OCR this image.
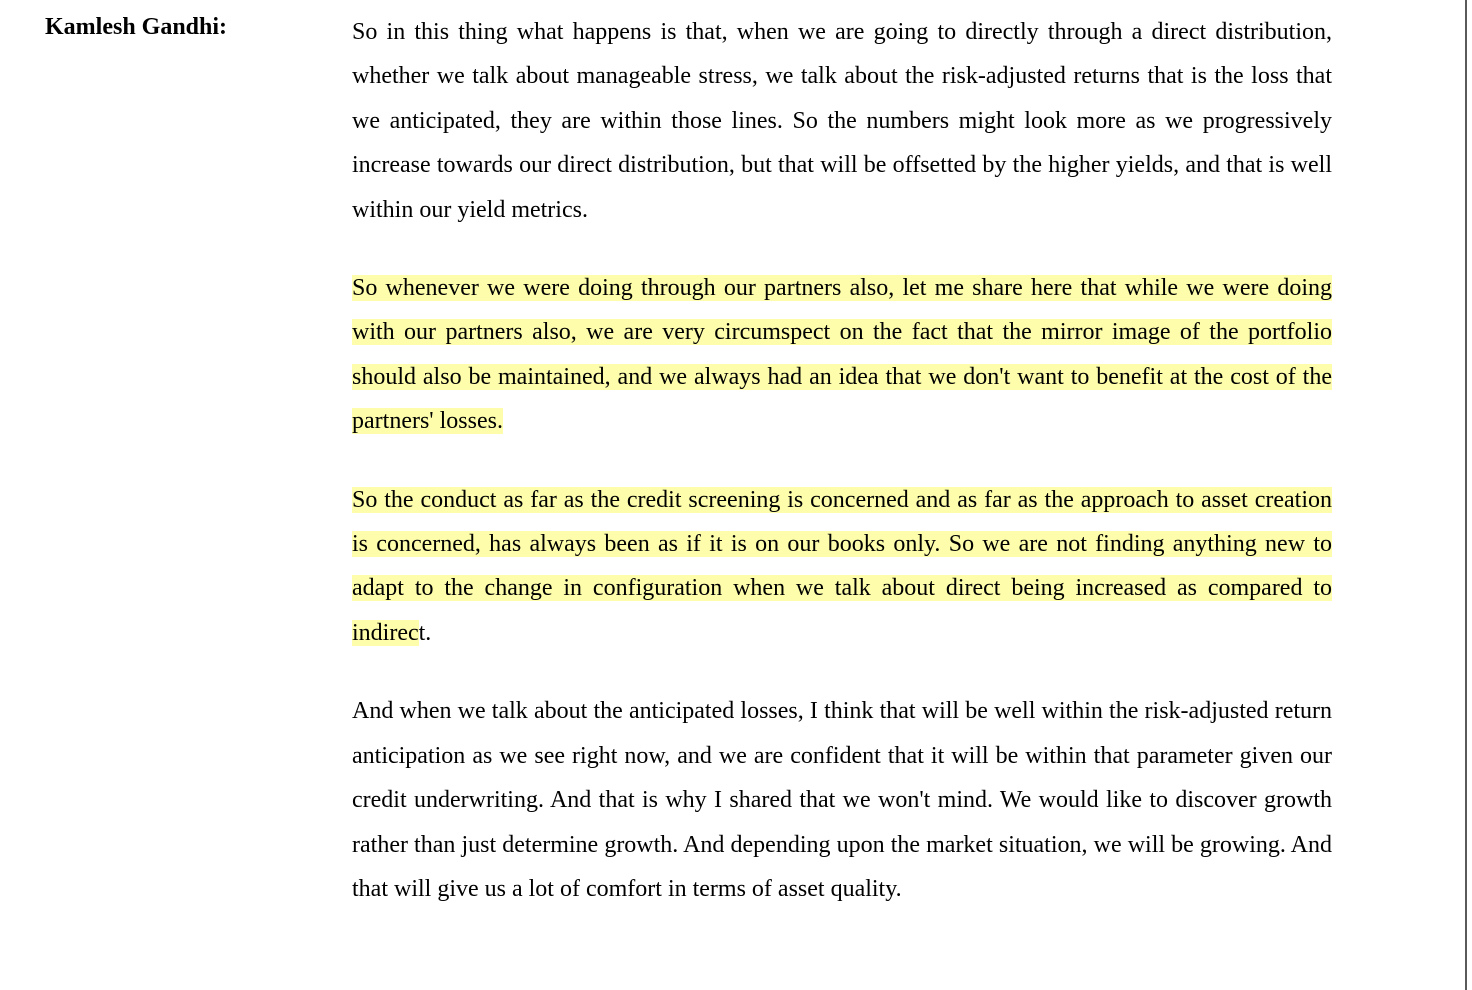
Kamlesh Gandhi:	So in this thing what happens is that, when we are going to directly through a direct distribution, whether we talk about manageable stress, we talk about the risk-adjusted returns that is the loss that we anticipated, they are within those lines. So the numbers might look more as we progressively increase towards our direct distribution, but that will be offsetted by the higher yields, and that is well within our yield metrics.

So whenever we were doing through our partners also, let me share here that while we were doing with our partners also, we are very circumspect on the fact that the mirror image of the portfolio should also be maintained, and we always had an idea that we don't want to benefit at the cost of the partners' losses.

So the conduct as far as the credit screening is concerned and as far as the approach to asset creation is concerned, has always been as if it is on our books only. So we are not finding anything new to adapt to the change in configuration when we talk about direct being increased as compared to indirect.

And when we talk about the anticipated losses, I think that will be well within the risk-adjusted return anticipation as we see right now, and we are confident that it will be within that parameter given our credit underwriting. And that is why I shared that we won't mind. We would like to discover growth rather than just determine growth. And depending upon the market situation, we will be growing. And that will give us a lot of comfort in terms of asset quality.
